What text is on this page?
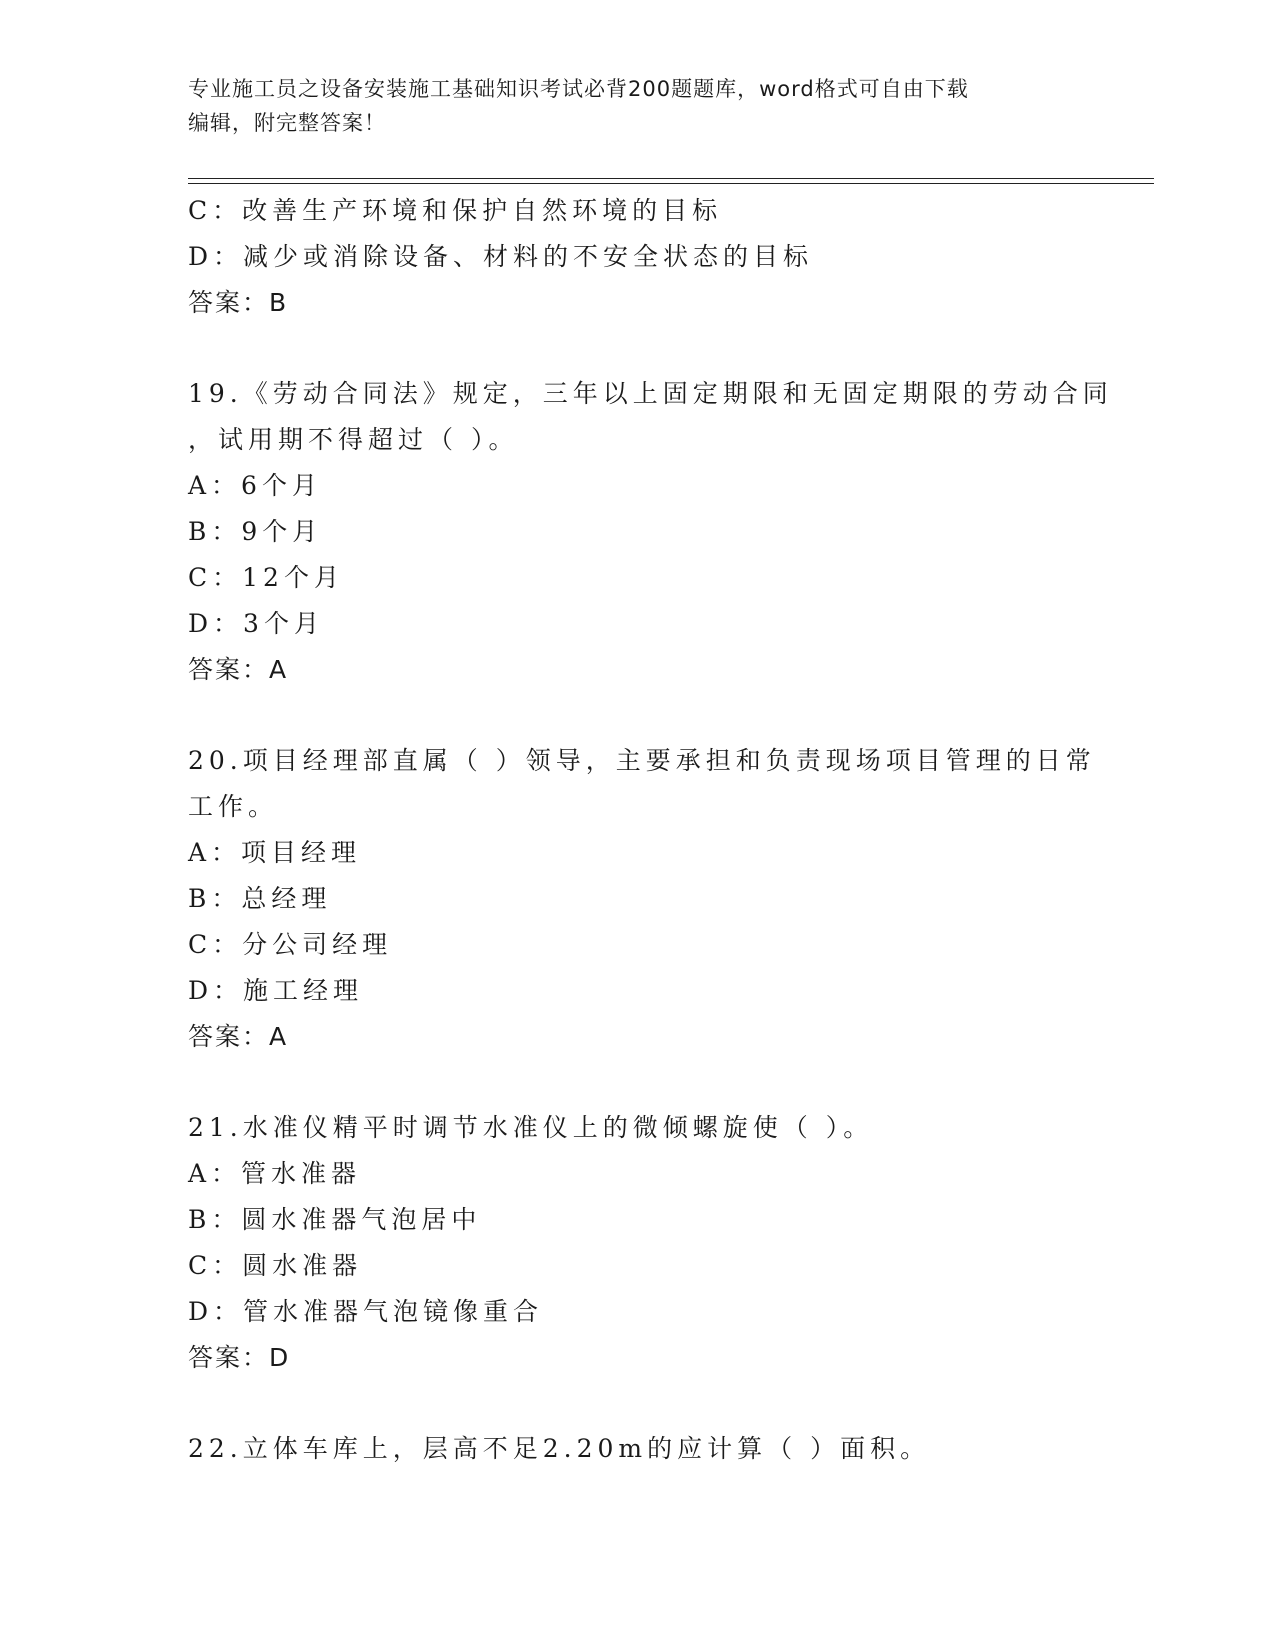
专业施工员之设备安装施工基础知识考试必背200题题库，word格式可自由下载
编辑，附完整答案！
C：改善生产环境和保护自然环境的目标
D：减少或消除设备、材料的不安全状态的目标
答案：B
19.《劳动合同法》规定，三年以上固定期限和无固定期限的劳动合同
，试用期不得超过（ ）。
A：6个月
B：9个月
C：12个月
D：3个月
答案：A
20.项目经理部直属（ ）领导，主要承担和负责现场项目管理的日常
工作。
A：项目经理
B：总经理
C：分公司经理
D：施工经理
答案：A
21.水准仪精平时调节水准仪上的微倾螺旋使（ ）。
A：管水准器
B：圆水准器气泡居中
C：圆水准器
D：管水准器气泡镜像重合
答案：D
22.立体车库上，层高不足2.20m的应计算（ ）面积。
